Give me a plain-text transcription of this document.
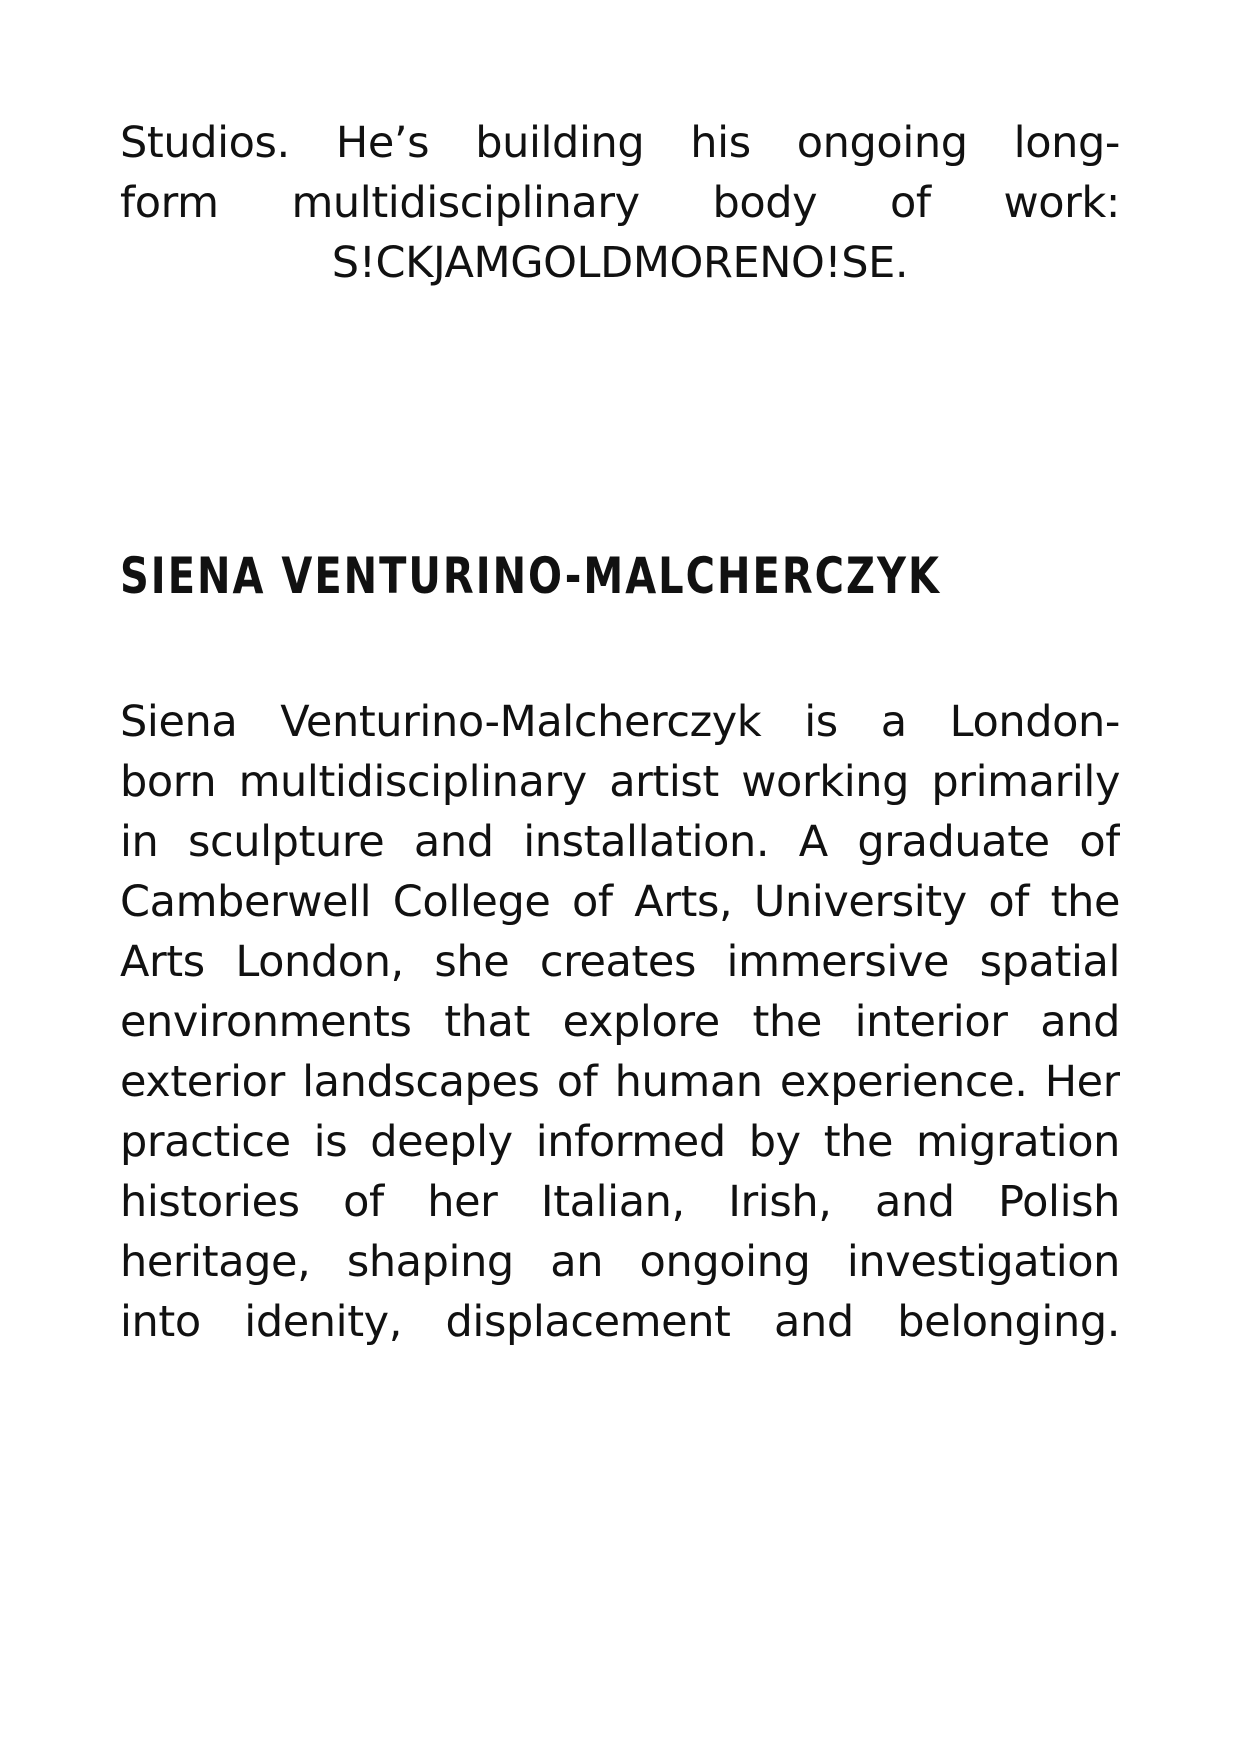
Studios. He’s building his ongoing long-
form multidisciplinary body of work:
S!CKJAMGOLDMORENO!SE.
SIENA VENTURINO-MALCHERCZYK
Siena Venturino-Malcherczyk is a London-
born multidisciplinary artist working primarily
in sculpture and installation. A graduate of
Camberwell College of Arts, University of the
Arts London, she creates immersive spatial
environments that explore the interior and
exterior landscapes of human experience. Her
practice is deeply informed by the migration
histories of her Italian, Irish, and Polish
heritage, shaping an ongoing investigation
into idenity, displacement and belonging.
